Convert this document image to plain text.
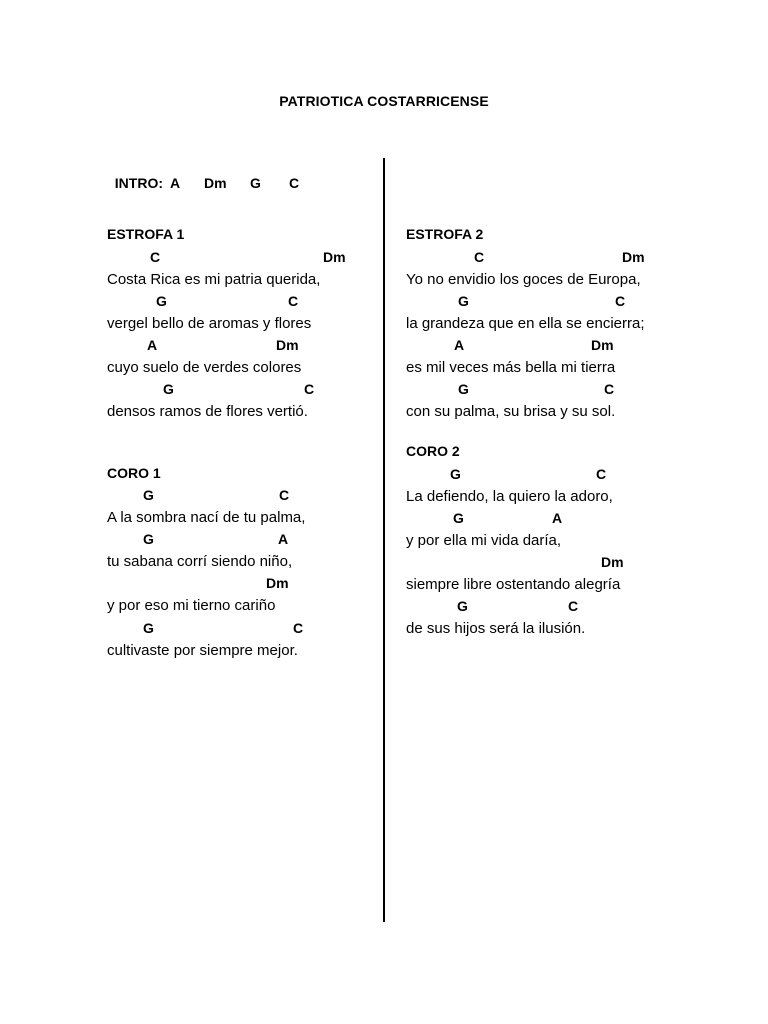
PATRIOTICA COSTARRICENSE

INTRO: A Dm G C

ESTROFA 1
C	Dm
Costa Rica es mi patria querida,
G	C
vergel bello de aromas y flores
A	Dm
cuyo suelo de verdes colores
G	C
densos ramos de flores vertió.
CORO 1
G	C
A la sombra nací de tu palma,
G	A
tu sabana corrí siendo niño,
Dm
y por eso mi tierno cariño
G	C
cultivaste por siempre mejor.
ESTROFA 2
C	Dm
Yo no envidio los goces de Europa,
G	C
la grandeza que en ella se encierra;
A	Dm
es mil veces más bella mi tierra
G	C
con su palma, su brisa y su sol.
CORO 2
G	C
La defiendo, la quiero la adoro,
G	A
y por ella mi vida daría,
Dm
siempre libre ostentando alegría
G	C
de sus hijos será la ilusión.
